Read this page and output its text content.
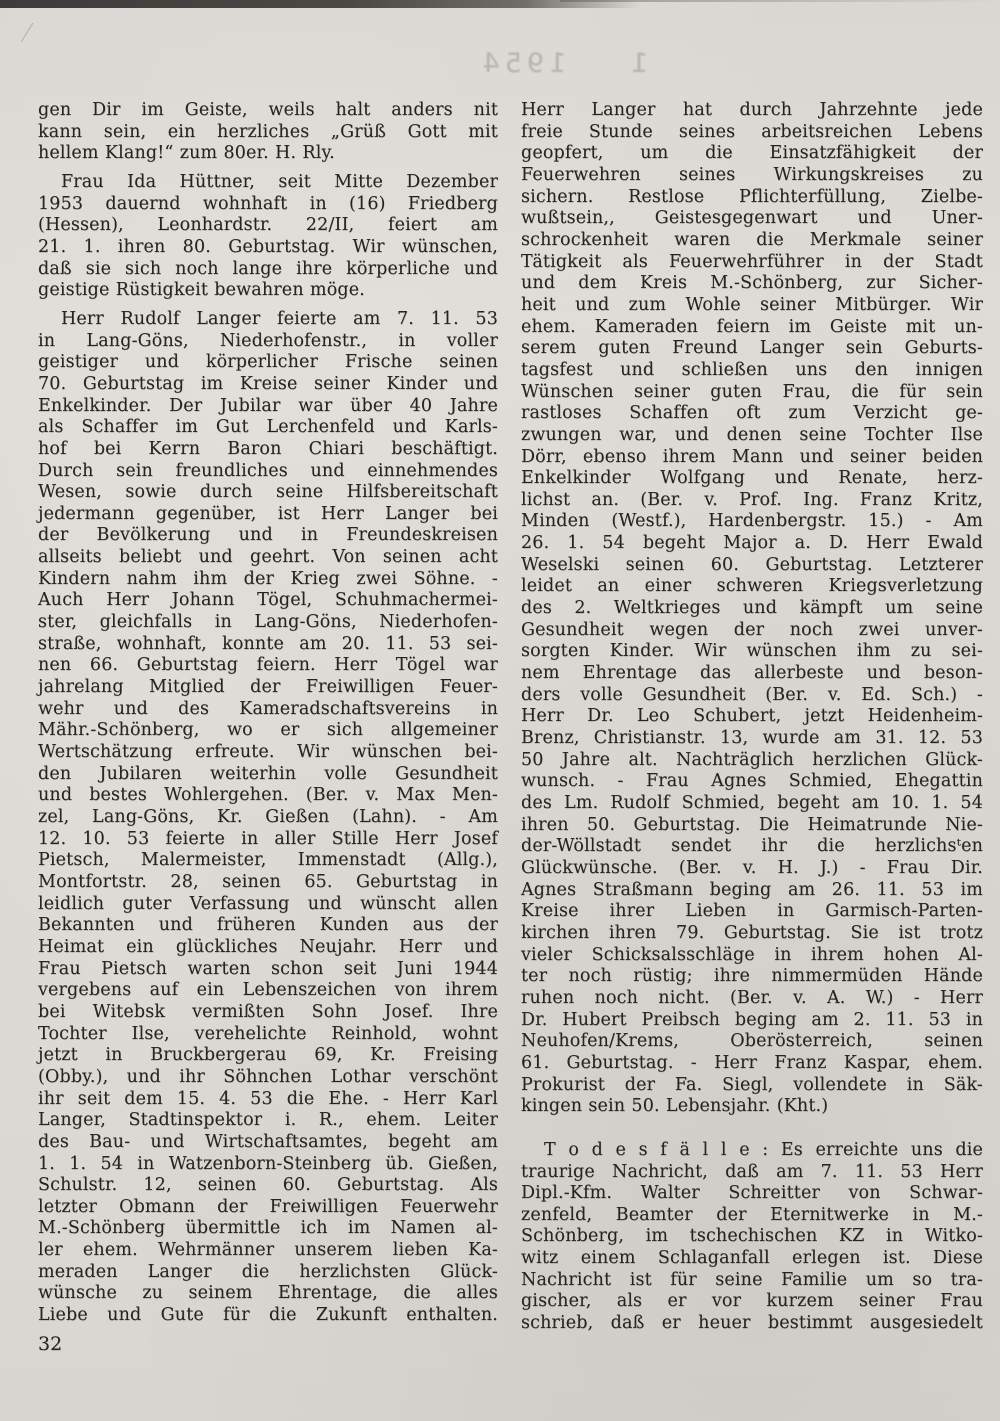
1 1954
gen Dir im Geiste, weils halt anders nit
kann sein, ein herzliches „Grüß Gott mit
hellem Klang!“ zum 80er. H. Rly.
Frau Ida Hüttner, seit Mitte Dezember
1953 dauernd wohnhaft in (16) Friedberg
(Hessen), Leonhardstr. 22/II, feiert am
21. 1. ihren 80. Geburtstag. Wir wünschen,
daß sie sich noch lange ihre körperliche und
geistige Rüstigkeit bewahren möge.
Herr Rudolf Langer feierte am 7. 11. 53
in Lang-Göns, Niederhofenstr., in voller
geistiger und körperlicher Frische seinen
70. Geburtstag im Kreise seiner Kinder und
Enkelkinder. Der Jubilar war über 40 Jahre
als Schaffer im Gut Lerchenfeld und Karls-
hof bei Kerrn Baron Chiari beschäftigt.
Durch sein freundliches und einnehmendes
Wesen, sowie durch seine Hilfsbereitschaft
jedermann gegenüber, ist Herr Langer bei
der Bevölkerung und in Freundeskreisen
allseits beliebt und geehrt. Von seinen acht
Kindern nahm ihm der Krieg zwei Söhne. -
Auch Herr Johann Tögel, Schuhmachermei-
ster, gleichfalls in Lang-Göns, Niederhofen-
straße, wohnhaft, konnte am 20. 11. 53 sei-
nen 66. Geburtstag feiern. Herr Tögel war
jahrelang Mitglied der Freiwilligen Feuer-
wehr und des Kameradschaftsvereins in
Mähr.-Schönberg, wo er sich allgemeiner
Wertschätzung erfreute. Wir wünschen bei-
den Jubilaren weiterhin volle Gesundheit
und bestes Wohlergehen. (Ber. v. Max Men-
zel, Lang-Göns, Kr. Gießen (Lahn). - Am
12. 10. 53 feierte in aller Stille Herr Josef
Pietsch, Malermeister, Immenstadt (Allg.),
Montfortstr. 28, seinen 65. Geburtstag in
leidlich guter Verfassung und wünscht allen
Bekannten und früheren Kunden aus der
Heimat ein glückliches Neujahr. Herr und
Frau Pietsch warten schon seit Juni 1944
vergebens auf ein Lebenszeichen von ihrem
bei Witebsk vermißten Sohn Josef. Ihre
Tochter Ilse, verehelichte Reinhold, wohnt
jetzt in Bruckbergerau 69, Kr. Freising
(Obby.), und ihr Söhnchen Lothar verschönt
ihr seit dem 15. 4. 53 die Ehe. - Herr Karl
Langer, Stadtinspektor i. R., ehem. Leiter
des Bau- und Wirtschaftsamtes, begeht am
1. 1. 54 in Watzenborn-Steinberg üb. Gießen,
Schulstr. 12, seinen 60. Geburtstag. Als
letzter Obmann der Freiwilligen Feuerwehr
M.-Schönberg übermittle ich im Namen al-
ler ehem. Wehrmänner unserem lieben Ka-
meraden Langer die herzlichsten Glück-
wünsche zu seinem Ehrentage, die alles
Liebe und Gute für die Zukunft enthalten.
Herr Langer hat durch Jahrzehnte jede
freie Stunde seines arbeitsreichen Lebens
geopfert, um die Einsatzfähigkeit der
Feuerwehren seines Wirkungskreises zu
sichern. Restlose Pflichterfüllung, Zielbe-
wußtsein,, Geistesgegenwart und Uner-
schrockenheit waren die Merkmale seiner
Tätigkeit als Feuerwehrführer in der Stadt
und dem Kreis M.-Schönberg, zur Sicher-
heit und zum Wohle seiner Mitbürger. Wir
ehem. Kameraden feiern im Geiste mit un-
serem guten Freund Langer sein Geburts-
tagsfest und schließen uns den innigen
Wünschen seiner guten Frau, die für sein
rastloses Schaffen oft zum Verzicht ge-
zwungen war, und denen seine Tochter Ilse
Dörr, ebenso ihrem Mann und seiner beiden
Enkelkinder Wolfgang und Renate, herz-
lichst an. (Ber. v. Prof. Ing. Franz Kritz,
Minden (Westf.), Hardenbergstr. 15.) - Am
26. 1. 54 begeht Major a. D. Herr Ewald
Weselski seinen 60. Geburtstag. Letzterer
leidet an einer schweren Kriegsverletzung
des 2. Weltkrieges und kämpft um seine
Gesundheit wegen der noch zwei unver-
sorgten Kinder. Wir wünschen ihm zu sei-
nem Ehrentage das allerbeste und beson-
ders volle Gesundheit (Ber. v. Ed. Sch.) -
Herr Dr. Leo Schubert, jetzt Heidenheim-
Brenz, Christianstr. 13, wurde am 31. 12. 53
50 Jahre alt. Nachträglich herzlichen Glück-
wunsch. - Frau Agnes Schmied, Ehegattin
des Lm. Rudolf Schmied, begeht am 10. 1. 54
ihren 50. Geburtstag. Die Heimatrunde Nie-
der-Wöllstadt sendet ihr die herzlichsᵗen
Glückwünsche. (Ber. v. H. J.) - Frau Dir.
Agnes Straßmann beging am 26. 11. 53 im
Kreise ihrer Lieben in Garmisch-Parten-
kirchen ihren 79. Geburtstag. Sie ist trotz
vieler Schicksalsschläge in ihrem hohen Al-
ter noch rüstig; ihre nimmermüden Hände
ruhen noch nicht. (Ber. v. A. W.) - Herr
Dr. Hubert Preibsch beging am 2. 11. 53 in
Neuhofen/Krems, Oberösterreich, seinen
61. Geburtstag. - Herr Franz Kaspar, ehem.
Prokurist der Fa. Siegl, vollendete in Säk-
kingen sein 50. Lebensjahr. (Kht.)
T o d e s f ä l l e : Es erreichte uns die
traurige Nachricht, daß am 7. 11. 53 Herr
Dipl.-Kfm. Walter Schreitter von Schwar-
zenfeld, Beamter der Eternitwerke in M.-
Schönberg, im tschechischen KZ in Witko-
witz einem Schlaganfall erlegen ist. Diese
Nachricht ist für seine Familie um so tra-
gischer, als er vor kurzem seiner Frau
schrieb, daß er heuer bestimmt ausgesiedelt
32
